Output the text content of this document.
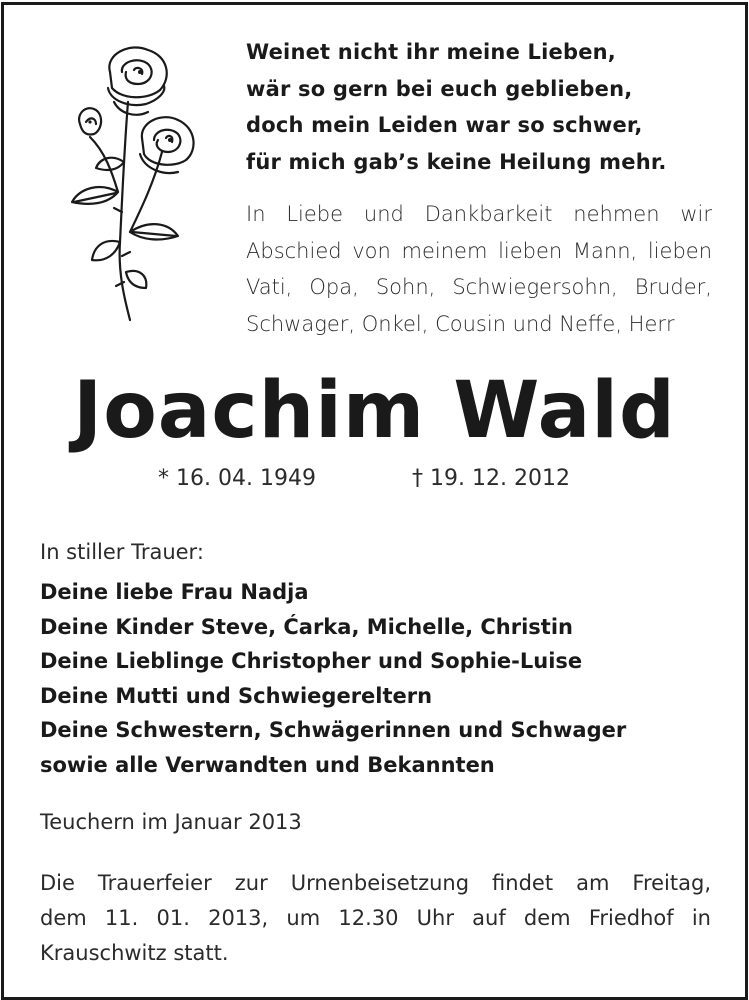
Weinet nicht ihr meine Lieben,
wär so gern bei euch geblieben,
doch mein Leiden war so schwer,
für mich gab’s keine Heilung mehr.
In Liebe und Dankbarkeit nehmen wir
Abschied von meinem lieben Mann, lieben
Vati, Opa, Sohn, Schwiegersohn, Bruder,
Schwager, Onkel, Cousin und Neffe, Herr
Joachim Wald
* 16. 04. 1949	† 19. 12. 2012
In stiller Trauer:
Deine liebe Frau Nadja
Deine Kinder Steve, Ćarka, Michelle, Christin
Deine Lieblinge Christopher und Sophie-Luise
Deine Mutti und Schwiegereltern
Deine Schwestern, Schwägerinnen und Schwager
sowie alle Verwandten und Bekannten
Teuchern im Januar 2013
Die Trauerfeier zur Urnenbeisetzung findet am Freitag,
dem 11. 01. 2013, um 12.30 Uhr auf dem Friedhof in
Krauschwitz statt.
